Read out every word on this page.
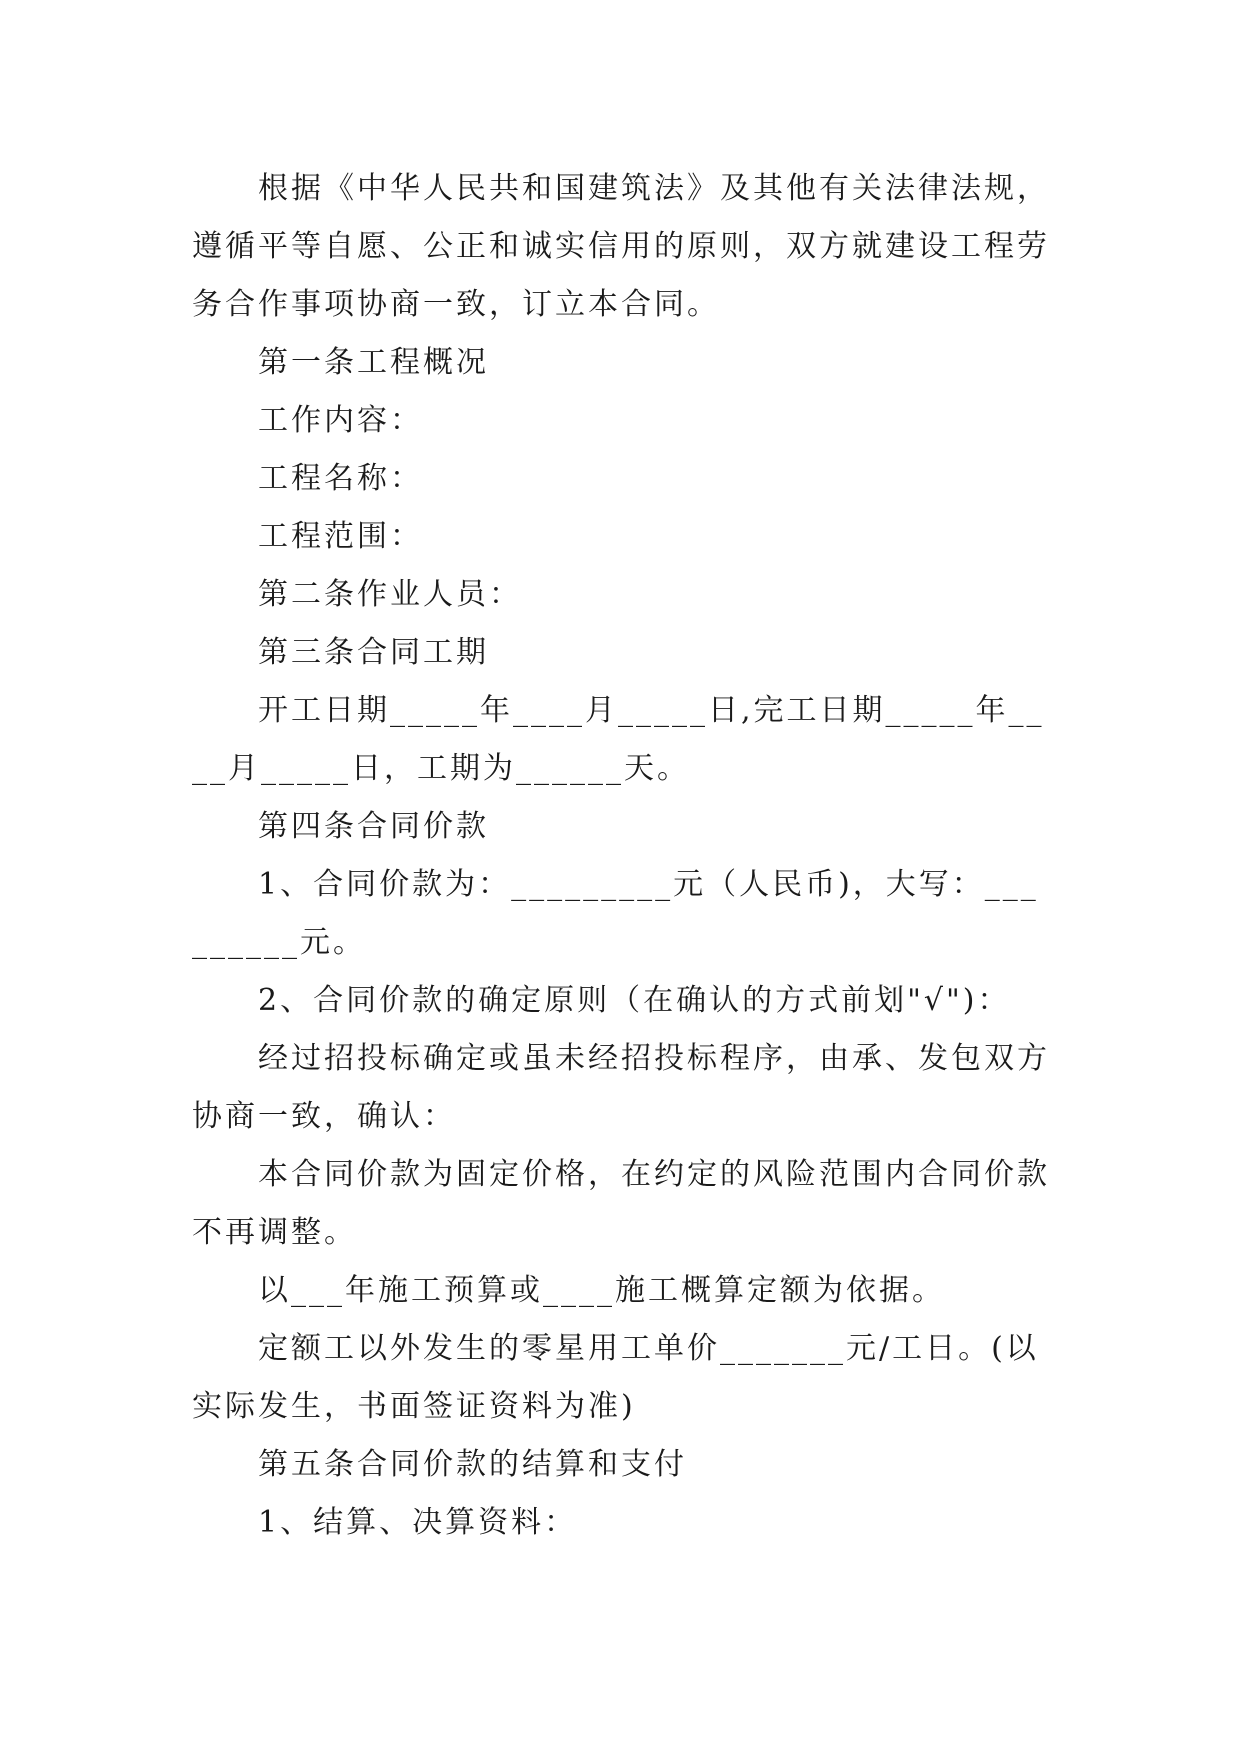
根据《中华人民共和国建筑法》及其他有关法律法规，遵循平等自愿、公正和诚实信用的原则，双方就建设工程劳务合作事项协商一致，订立本合同。

第一条工程概况

工作内容：

工程名称：

工程范围：

第二条作业人员：

第三条合同工期

开工日期_____年____月_____日,完工日期_____年____月_____日，工期为______天。

第四条合同价款

1、合同价款为：_________元（人民币)，大写：_________元。

2、合同价款的确定原则（在确认的方式前划"√")：

经过招投标确定或虽未经招投标程序，由承、发包双方协商一致，确认：

本合同价款为固定价格，在约定的风险范围内合同价款不再调整。

以___年施工预算或____施工概算定额为依据。

定额工以外发生的零星用工单价_______元/工日。(以实际发生，书面签证资料为准)

第五条合同价款的结算和支付

1、结算、决算资料：
